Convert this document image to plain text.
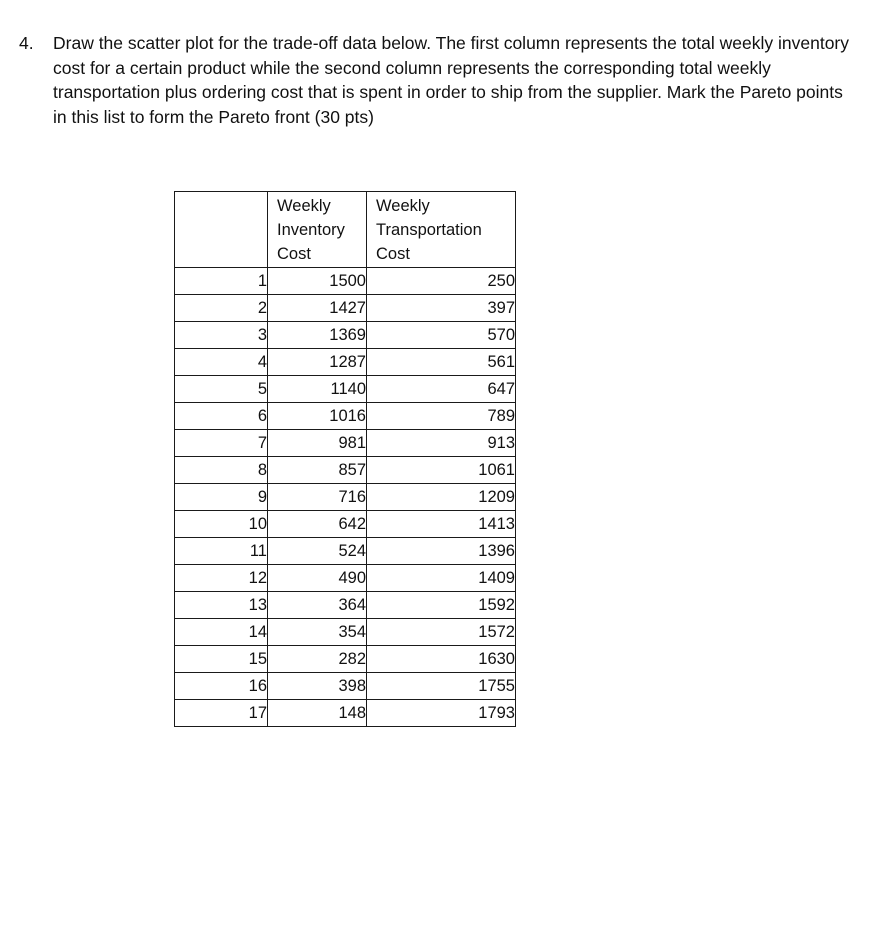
4.	Draw the scatter plot for the trade-off data below. The first column represents the total weekly inventory cost for a certain product while the second column represents the corresponding total weekly transportation plus ordering cost that is spent in order to ship from the supplier. Mark the Pareto points in this list to form the Pareto front (30 pts)

	Weekly Inventory Cost	Weekly Transportation Cost
1	1500	250
2	1427	397
3	1369	570
4	1287	561
5	1140	647
6	1016	789
7	981	913
8	857	1061
9	716	1209
10	642	1413
11	524	1396
12	490	1409
13	364	1592
14	354	1572
15	282	1630
16	398	1755
17	148	1793
